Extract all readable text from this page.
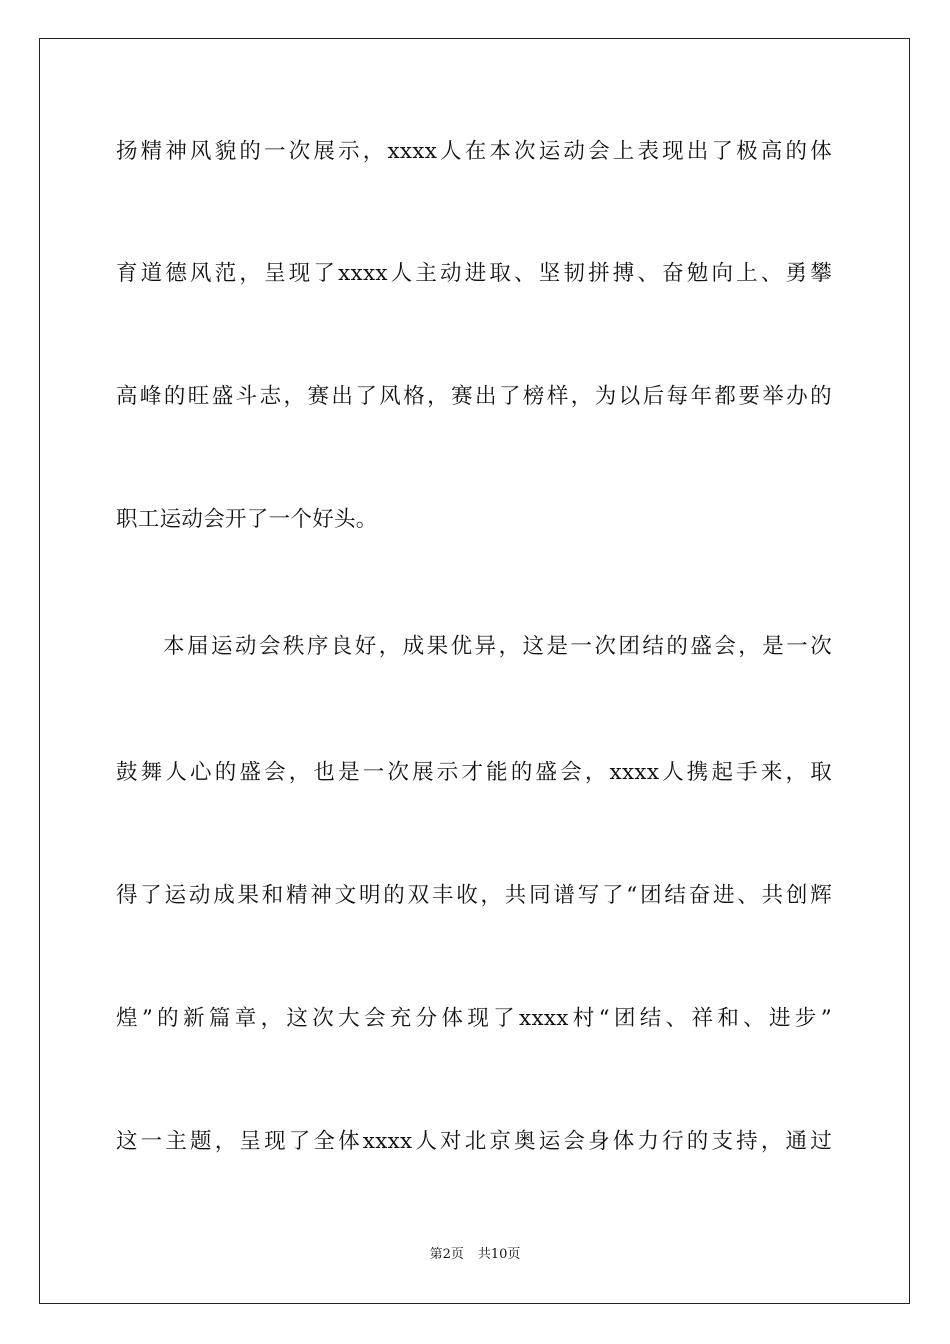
扬精神风貌的一次展示，xxxx人在本次运动会上表现出了极高的体
育道德风范，呈现了xxxx人主动进取、坚韧拼搏、奋勉向上、勇攀
高峰的旺盛斗志，赛出了风格，赛出了榜样，为以后每年都要举办的
职工运动会开了一个好头。
本届运动会秩序良好，成果优异，这是一次团结的盛会，是一次
鼓舞人心的盛会，也是一次展示才能的盛会，xxxx人携起手来，取
得了运动成果和精神文明的双丰收，共同谱写了“团结奋进、共创辉
煌”的新篇章，这次大会充分体现了xxxx村“团结、祥和、进步”
这一主题，呈现了全体xxxx人对北京奥运会身体力行的支持，通过
第2页 共10页
